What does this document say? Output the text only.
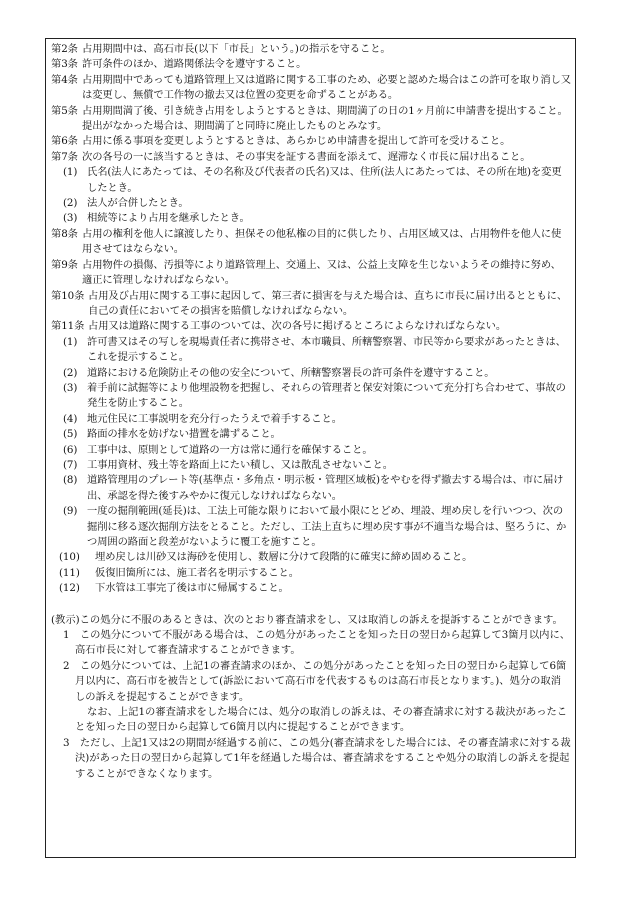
第2条 占用期間中は、高石市長(以下「市長」という。)の指示を守ること。
第3条 許可条件のほか、道路関係法令を遵守すること。
第4条 占用期間中であっても道路管理上又は道路に関する工事のため、必要と認めた場合はこの許可を取り消し又は変更し、無償で工作物の撤去又は位置の変更を命ずることがある。
第5条 占用期間満了後、引き続き占用をしようとするときは、期間満了の日の1ヶ月前に申請書を提出すること。提出がなかった場合は、期間満了と同時に廃止したものとみなす。
第6条 占用に係る事項を変更しようとするときは、あらかじめ申請書を提出して許可を受けること。
第7条 次の各号の一に該当するときは、その事実を証する書面を添えて、遅滞なく市長に届け出ること。
(1) 氏名(法人にあたっては、その名称及び代表者の氏名)又は、住所(法人にあたっては、その所在地)を変更したとき。
(2) 法人が合併したとき。
(3) 相続等により占用を継承したとき。
第8条 占用の権利を他人に譲渡したり、担保その他私権の目的に供したり、占用区域又は、占用物件を他人に使用させてはならない。
第9条 占用物件の損傷、汚損等により道路管理上、交通上、又は、公益上支障を生じないようその維持に努め、適正に管理しなければならない。
第10条 占用及び占用に関する工事に起因して、第三者に損害を与えた場合は、直ちに市長に届け出るとともに、自己の責任においてその損害を賠償しなければならない。
第11条 占用又は道路に関する工事のついては、次の各号に掲げるところによらなければならない。
(1) 許可書又はその写しを現場責任者に携帯させ、本市職員、所轄警察署、市民等から要求があったときは、これを提示すること。
(2) 道路における危険防止その他の安全について、所轄警察署長の許可条件を遵守すること。
(3) 着手前に試掘等により他埋設物を把握し、それらの管理者と保安対策について充分打ち合わせて、事故の発生を防止すること。
(4) 地元住民に工事説明を充分行ったうえで着手すること。
(5) 路面の排水を妨げない措置を講ずること。
(6) 工事中は、原則として道路の一方は常に通行を確保すること。
(7) 工事用資材、残土等を路面上にたい積し、又は散乱させないこと。
(8) 道路管理用のプレート等(基準点・多角点・明示板・管理区域板)をやむを得ず撤去する場合は、市に届け出、承認を得た後すみやかに復元しなければならない。
(9) 一度の掘削範囲(延長)は、工法上可能な限りにおいて最小限にとどめ、埋設、埋め戻しを行いつつ、次の掘削に移る逐次掘削方法をとること。ただし、工法上直ちに埋め戻す事が不適当な場合は、堅ろうに、かつ周囲の路面と段差がないように覆工を施すこと。
(10)	埋め戻しは川砂又は海砂を使用し、数層に分けて段階的に確実に締め固めること。
(11)	仮復旧箇所には、施工者名を明示すること。
(12)	下水管は工事完了後は市に帰属すること。
(教示)この処分に不服のあるときは、次のとおり審査請求をし、又は取消しの訴えを提訴することができます。
1　この処分について不服がある場合は、この処分があったことを知った日の翌日から起算して3箇月以内に、高石市長に対して審査請求することができます。
2　この処分については、上記1の審査請求のほか、この処分があったことを知った日の翌日から起算して6箇月以内に、高石市を被告として(訴訟において高石市を代表するものは高石市長となります。)、処分の取消しの訴えを提起することができます。
なお、上記1の審査請求をした場合には、処分の取消しの訴えは、その審査請求に対する裁決があったことを知った日の翌日から起算して6箇月以内に提起することができます。
3　ただし、上記1又は2の期間が経過する前に、この処分(審査請求をした場合には、その審査請求に対する裁決)があった日の翌日から起算して1年を経過した場合は、審査請求をすることや処分の取消しの訴えを提起することができなくなります。
